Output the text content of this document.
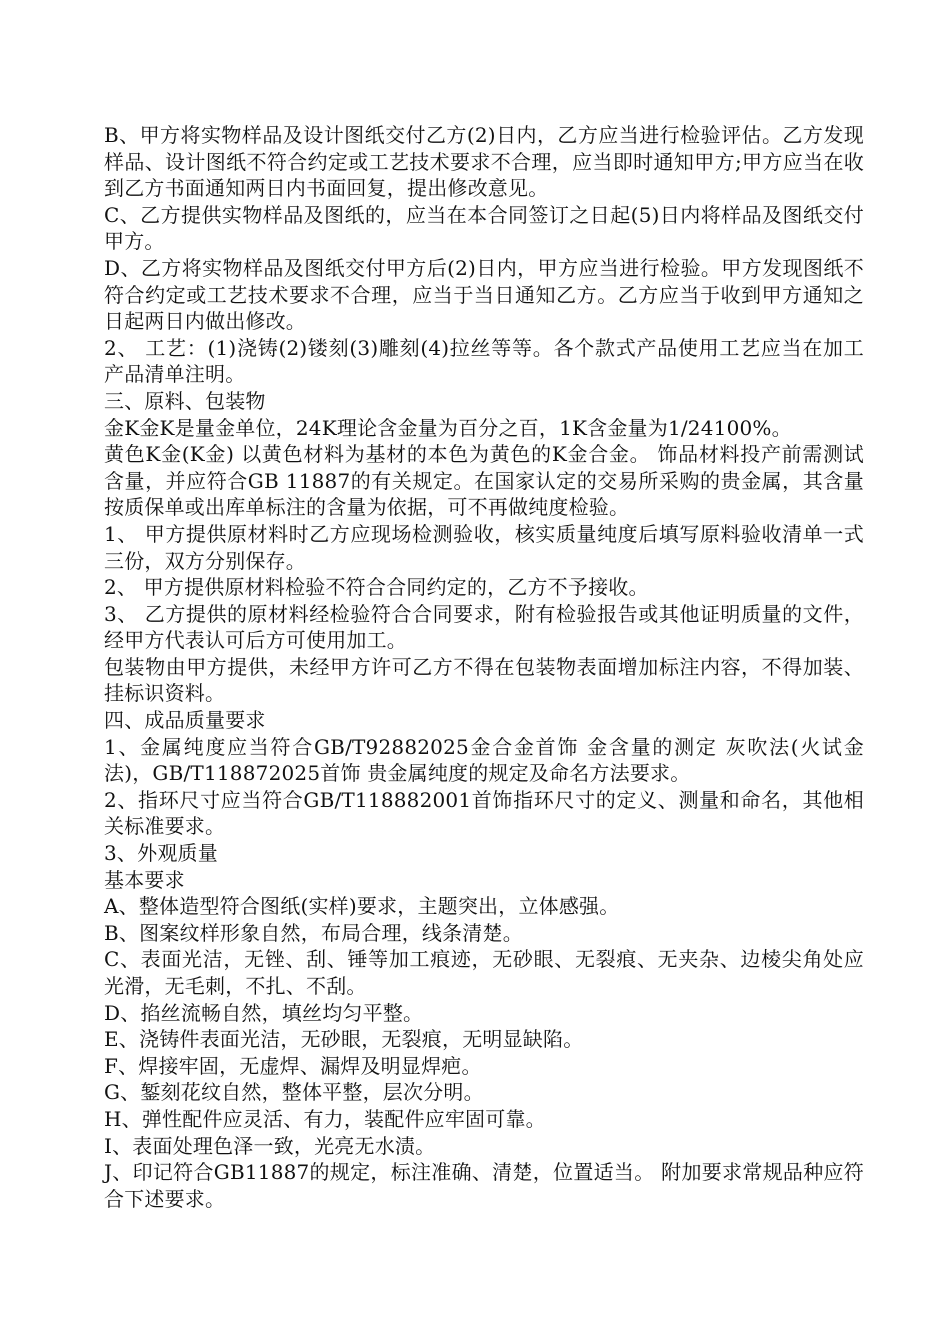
B、甲方将实物样品及设计图纸交付乙方(2)日内，乙方应当进行检验评估。乙方发现样品、设计图纸不符合约定或工艺技术要求不合理，应当即时通知甲方;甲方应当在收到乙方书面通知两日内书面回复，提出修改意见。

C、乙方提供实物样品及图纸的，应当在本合同签订之日起(5)日内将样品及图纸交付甲方。

D、乙方将实物样品及图纸交付甲方后(2)日内，甲方应当进行检验。甲方发现图纸不符合约定或工艺技术要求不合理，应当于当日通知乙方。乙方应当于收到甲方通知之日起两日内做出修改。

2、 工艺：(1)浇铸(2)镂刻(3)雕刻(4)拉丝等等。各个款式产品使用工艺应当在加工产品清单注明。

三、原料、包装物

金K金K是量金单位，24K理论含金量为百分之百，1K含金量为1/24100%。

黄色K金(K金) 以黄色材料为基材的本色为黄色的K金合金。 饰品材料投产前需测试含量，并应符合GB 11887的有关规定。在国家认定的交易所采购的贵金属，其含量按质保单或出库单标注的含量为依据，可不再做纯度检验。

1、 甲方提供原材料时乙方应现场检测验收，核实质量纯度后填写原料验收清单一式三份，双方分别保存。

2、 甲方提供原材料检验不符合合同约定的，乙方不予接收。

3、 乙方提供的原材料经检验符合合同要求，附有检验报告或其他证明质量的文件，经甲方代表认可后方可使用加工。

包装物由甲方提供，未经甲方许可乙方不得在包装物表面增加标注内容，不得加装、挂标识资料。

四、成品质量要求

1、金属纯度应当符合GB/T92882025金合金首饰 金含量的测定 灰吹法(火试金法)，GB/T118872025首饰 贵金属纯度的规定及命名方法要求。

2、指环尺寸应当符合GB/T118882001首饰指环尺寸的定义、测量和命名，其他相关标准要求。

3、外观质量

基本要求

A、整体造型符合图纸(实样)要求，主题突出，立体感强。

B、图案纹样形象自然，布局合理，线条清楚。

C、表面光洁，无锉、刮、锤等加工痕迹，无砂眼、无裂痕、无夹杂、边棱尖角处应光滑，无毛刺，不扎、不刮。

D、掐丝流畅自然，填丝均匀平整。

E、浇铸件表面光洁，无砂眼，无裂痕，无明显缺陷。

F、焊接牢固，无虚焊、漏焊及明显焊疤。

G、錾刻花纹自然，整体平整，层次分明。

H、弹性配件应灵活、有力，装配件应牢固可靠。

I、表面处理色泽一致，光亮无水渍。

J、印记符合GB11887的规定，标注准确、清楚，位置适当。 附加要求常规品种应符合下述要求。
